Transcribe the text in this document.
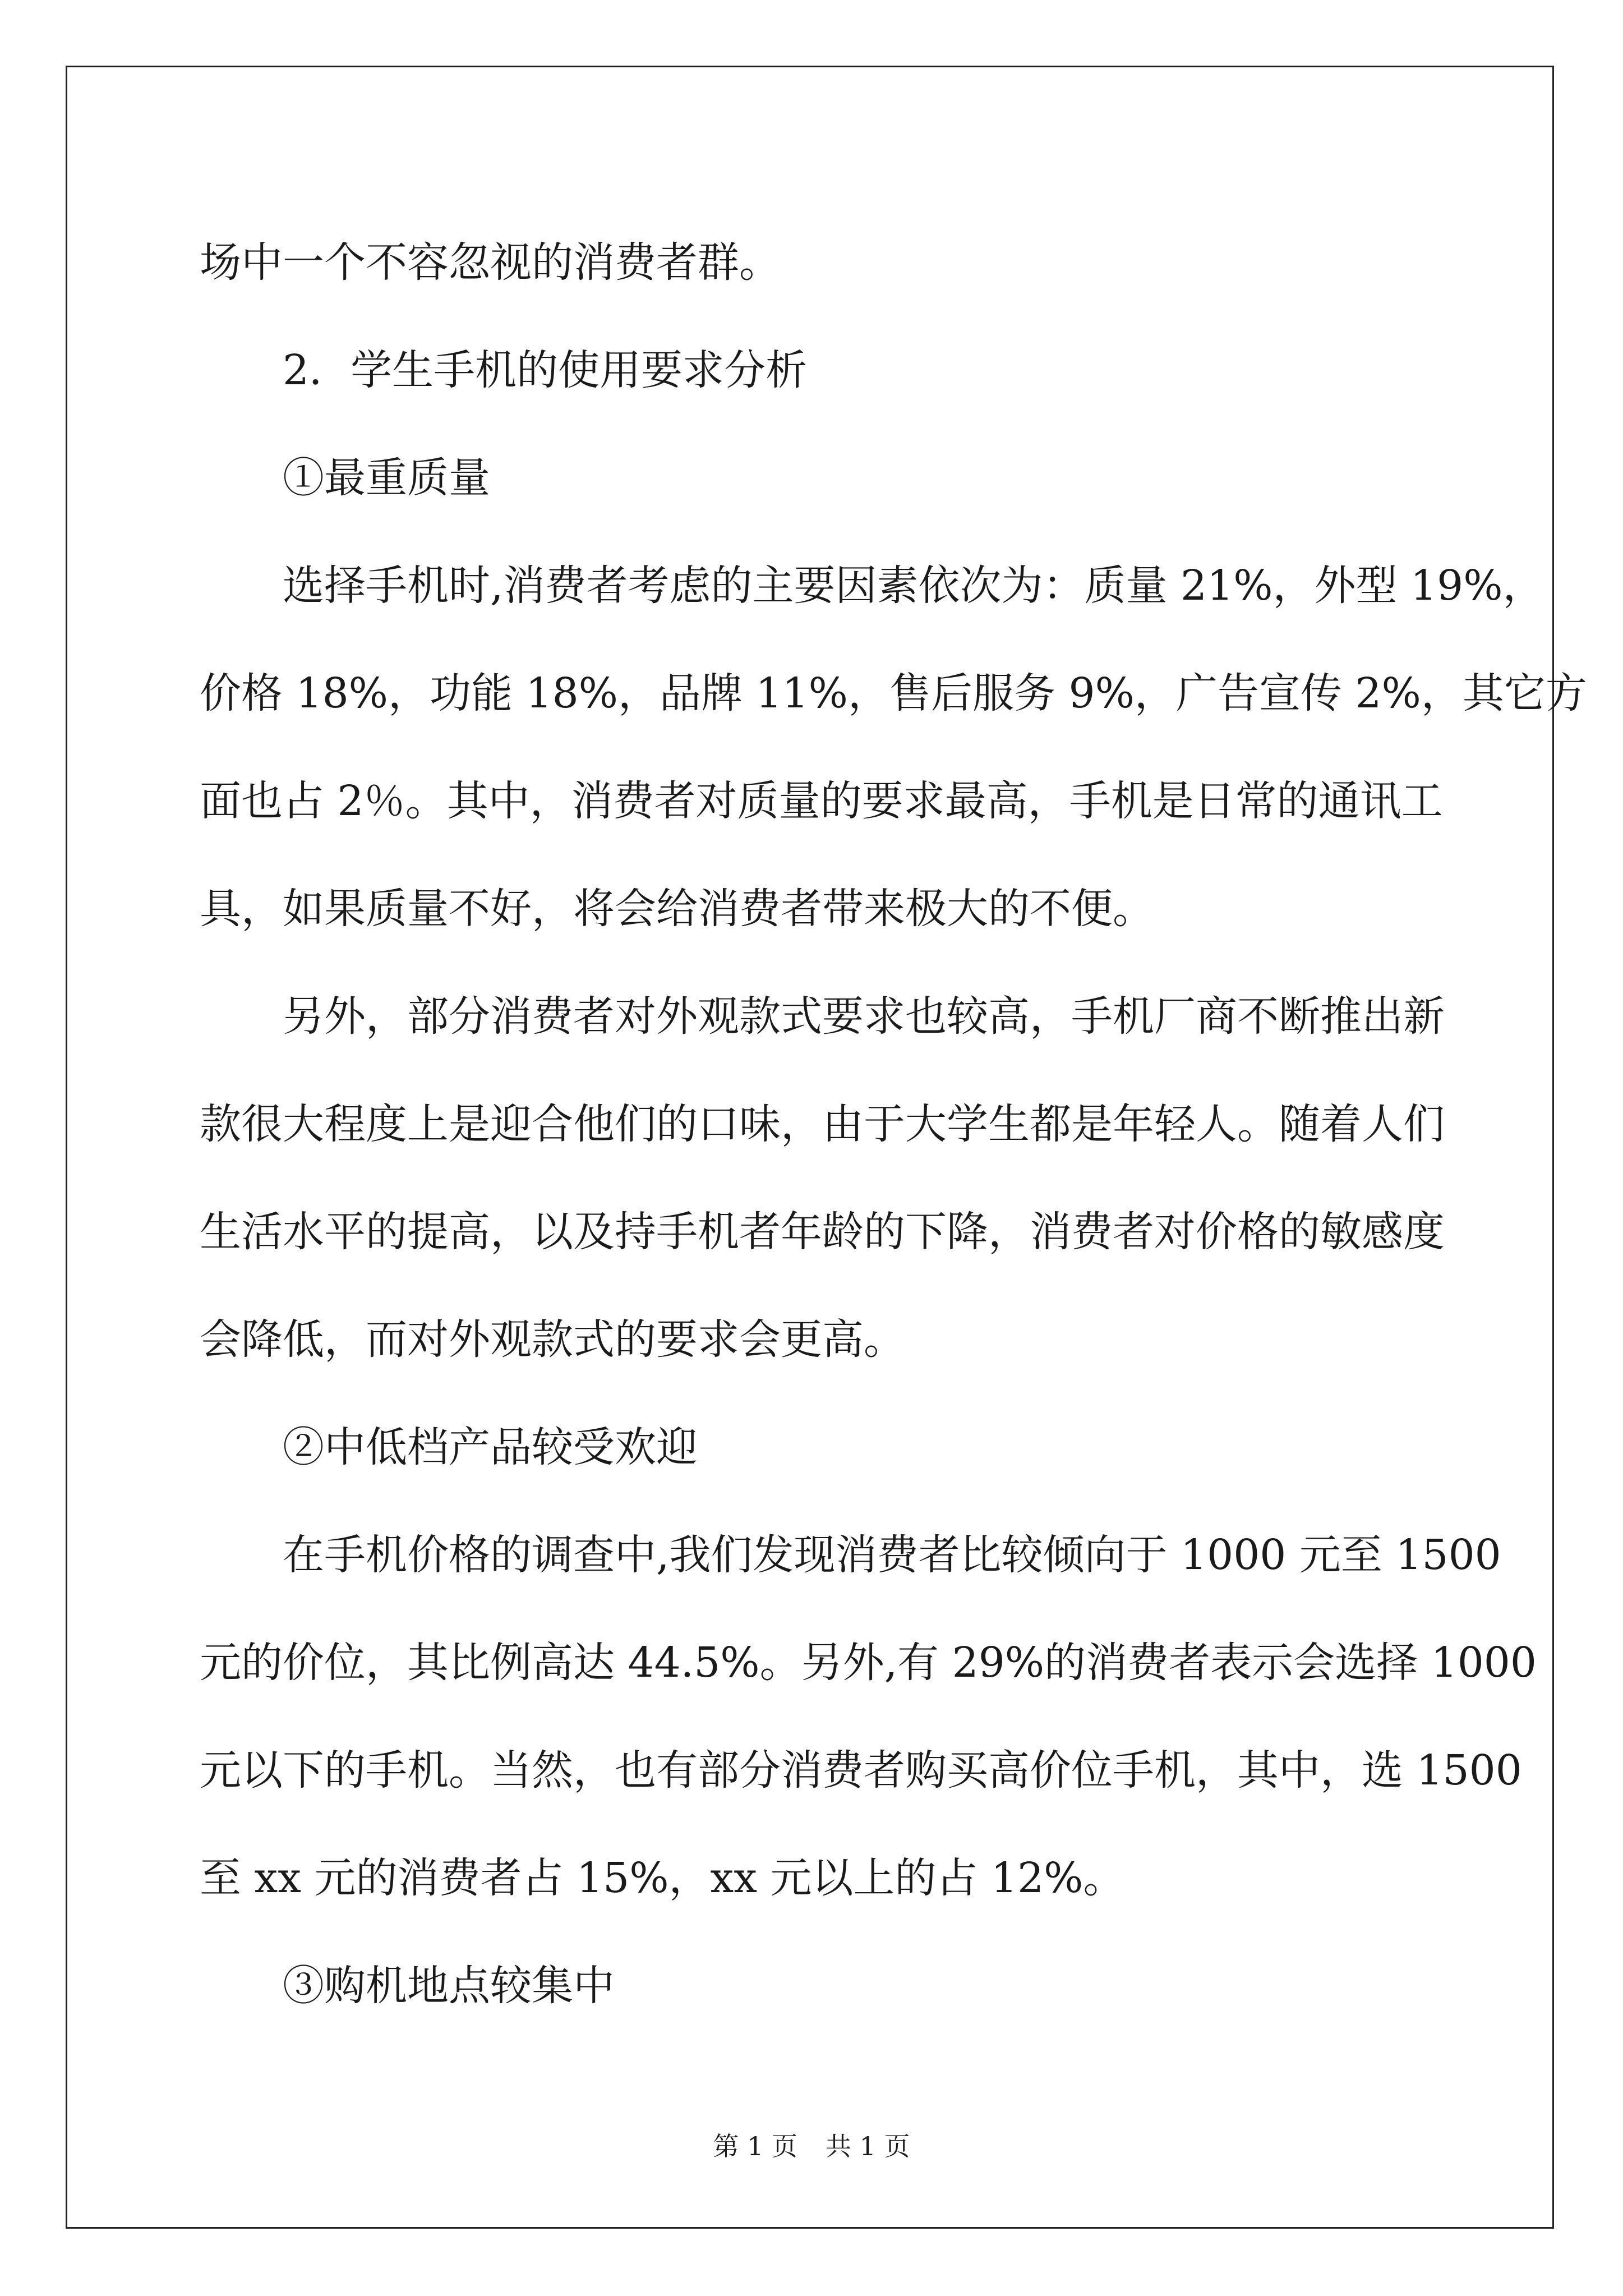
场中一个不容忽视的消费者群。

2．学生手机的使用要求分析

①最重质量

选择手机时,消费者考虑的主要因素依次为：质量 21%，外型 19%，

价格 18%，功能 18%，品牌 11%，售后服务 9%，广告宣传 2%，其它方

面也占 2％。其中，消费者对质量的要求最高，手机是日常的通讯工

具，如果质量不好，将会给消费者带来极大的不便。

另外，部分消费者对外观款式要求也较高，手机厂商不断推出新

款很大程度上是迎合他们的口味，由于大学生都是年轻人。随着人们

生活水平的提高，以及持手机者年龄的下降，消费者对价格的敏感度

会降低，而对外观款式的要求会更高。

②中低档产品较受欢迎

在手机价格的调查中,我们发现消费者比较倾向于 1000 元至 1500

元的价位，其比例高达 44.5%。另外,有 29%的消费者表示会选择 1000

元以下的手机。当然，也有部分消费者购买高价位手机，其中，选 1500

至 xx 元的消费者占 15%，xx 元以上的占 12%。

③购机地点较集中

第 1 页 共 1 页
